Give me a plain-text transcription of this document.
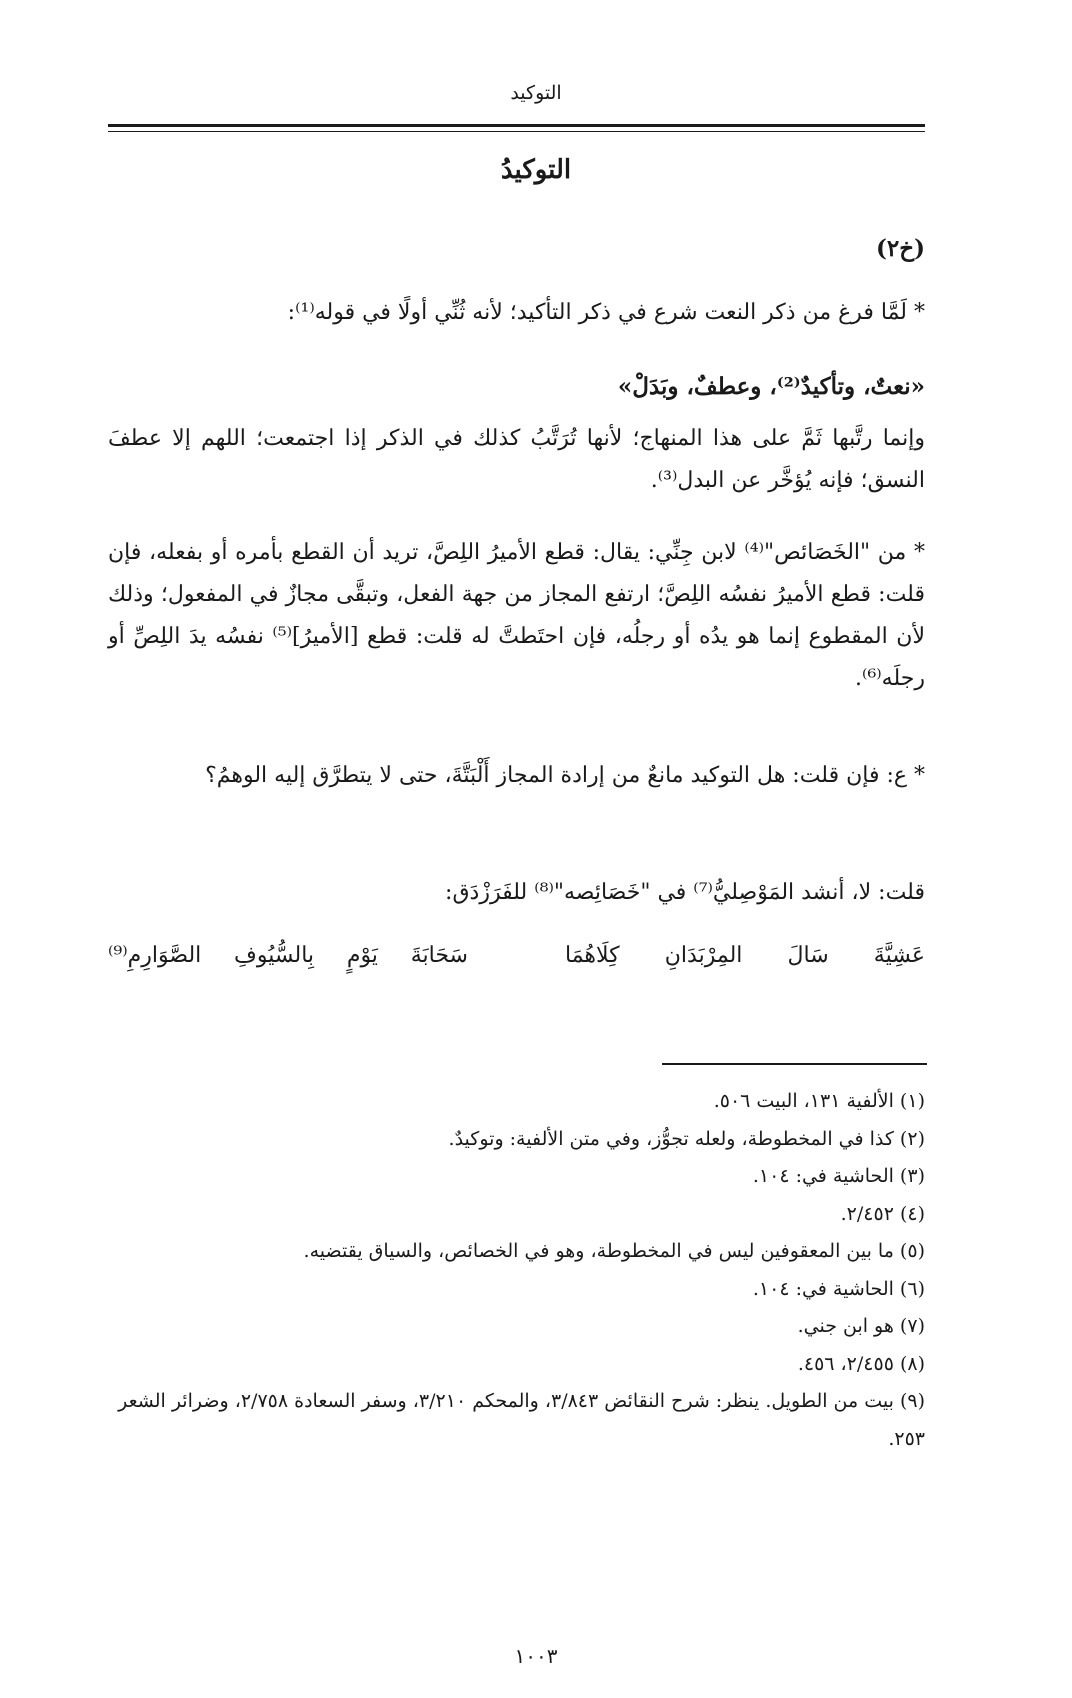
التوكيد
التوكيدُ
(خ٢)
* لَمَّا فرغ من ذكر النعت شرع في ذكر التأكيد؛ لأنه ثُنِّي أولًا في قوله⁽¹⁾:
«نعتٌ، وتأكيدٌ⁽²⁾، وعطفٌ، وبَدَلْ»
وإنما رتَّبها ثَمَّ على هذا المنهاج؛ لأنها تُرَتَّبُ كذلك في الذكر إذا اجتمعت؛ اللهم إلا عطفَ النسق؛ فإنه يُؤخَّر عن البدل⁽³⁾.
* من "الخَصَائص"⁽⁴⁾ لابن جِنِّي: يقال: قطع الأميرُ اللِصَّ، تريد أن القطع بأمره أو بفعله، فإن قلت: قطع الأميرُ نفسُه اللِصَّ؛ ارتفع المجاز من جهة الفعل، وتبقَّى مجازٌ في المفعول؛ وذلك لأن المقطوع إنما هو يدُه أو رجلُه، فإن احتَطتَّ له قلت: قطع [الأميرُ]⁽⁵⁾ نفسُه يدَ اللِصِّ أو رجلَه⁽⁶⁾.
* ع: فإن قلت: هل التوكيد مانعٌ من إرادة المجاز أَلْبَتَّةَ، حتى لا يتطرَّق إليه الوهمُ؟
قلت: لا، أنشد المَوْصِليُّ⁽⁷⁾ في "خَصَائِصه"⁽⁸⁾ للفَرَزْدَق:
عَشِيَّةَ سَالَ المِرْبَدَانِ كِلَاهُمَا
سَحَابَةَ يَوْمٍ بِالسُّيُوفِ الصَّوَارِمِ⁽⁹⁾

(١) الألفية ١٣١، البيت ٥٠٦.

(٢) كذا في المخطوطة، ولعله تجوُّز، وفي متن الألفية: وتوكيدٌ.

(٣) الحاشية في: ١٠٤.

(٤) ٢/٤٥٢.

(٥) ما بين المعقوفين ليس في المخطوطة، وهو في الخصائص، والسياق يقتضيه.

(٦) الحاشية في: ١٠٤.

(٧) هو ابن جني.

(٨) ٢/٤٥٥، ٤٥٦.

(٩) بيت من الطويل. ينظر: شرح النقائض ٣/٨٤٣، والمحكم ٣/٢١٠، وسفر السعادة ٢/٧٥٨، وضرائر الشعر ٢٥٣.

١٠٠٣
